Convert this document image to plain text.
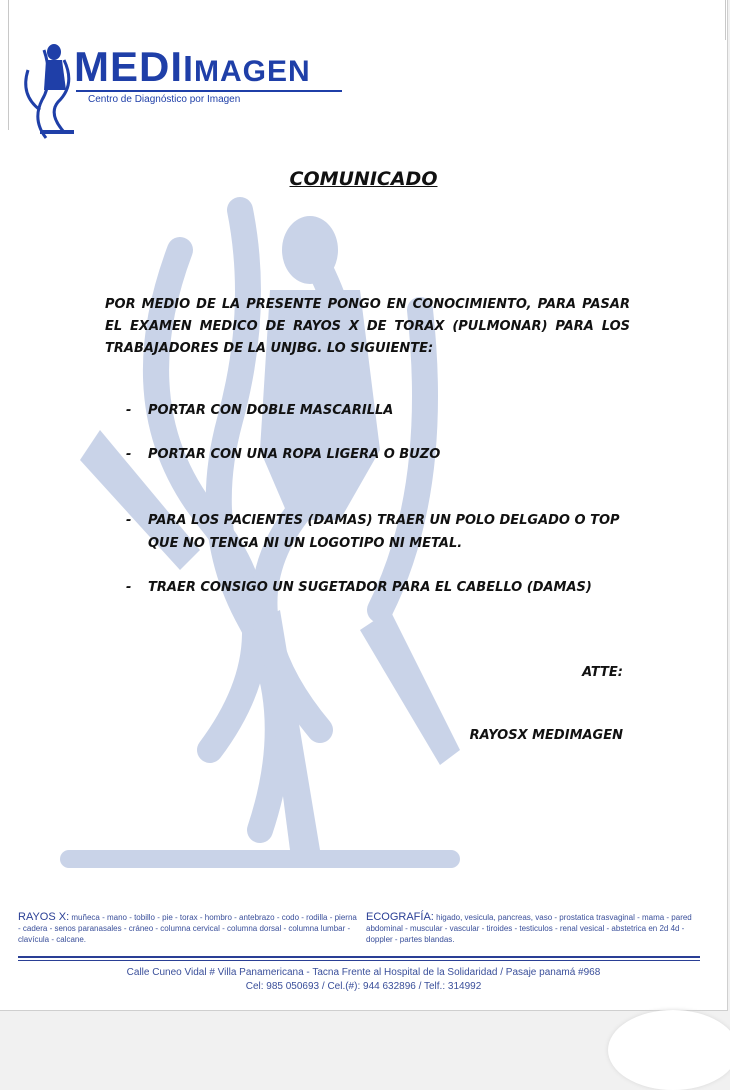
MEDIIMAGEN
Centro de Diagnóstico por Imagen
COMUNICADO
POR MEDIO DE LA PRESENTE PONGO EN CONOCIMIENTO, PARA PASAR EL EXAMEN MEDICO DE RAYOS X DE TORAX (PULMONAR) PARA LOS TRABAJADORES DE LA UNJBG. LO SIGUIENTE:
- PORTAR CON DOBLE MASCARILLA
- PORTAR CON UNA ROPA LIGERA O BUZO
- PARA LOS PACIENTES (DAMAS) TRAER UN POLO DELGADO O TOP QUE NO TENGA NI UN LOGOTIPO NI METAL.
- TRAER CONSIGO UN SUGETADOR PARA EL CABELLO (DAMAS)
ATTE:
RAYOSX MEDIMAGEN
RAYOS X: muñeca - mano - tobillo - pie - torax - hombro - antebrazo - codo - rodilla - pierna - cadera - senos paranasales - cráneo - columna cervical - columna dorsal - columna lumbar - clavícula - calcane.
ECOGRAFÍA: higado, vesicula, pancreas, vaso - prostatica trasvaginal - mama - pared abdominal - muscular - vascular - tiroides - testiculos - renal vesical - abstetrica en 2d 4d - doppler - partes blandas.
Calle Cuneo Vidal # Villa Panamericana - Tacna Frente al Hospital de la Solidaridad / Pasaje panamá #968
Cel: 985 050693 / Cel.(#): 944 632896 / Telf.: 314992
